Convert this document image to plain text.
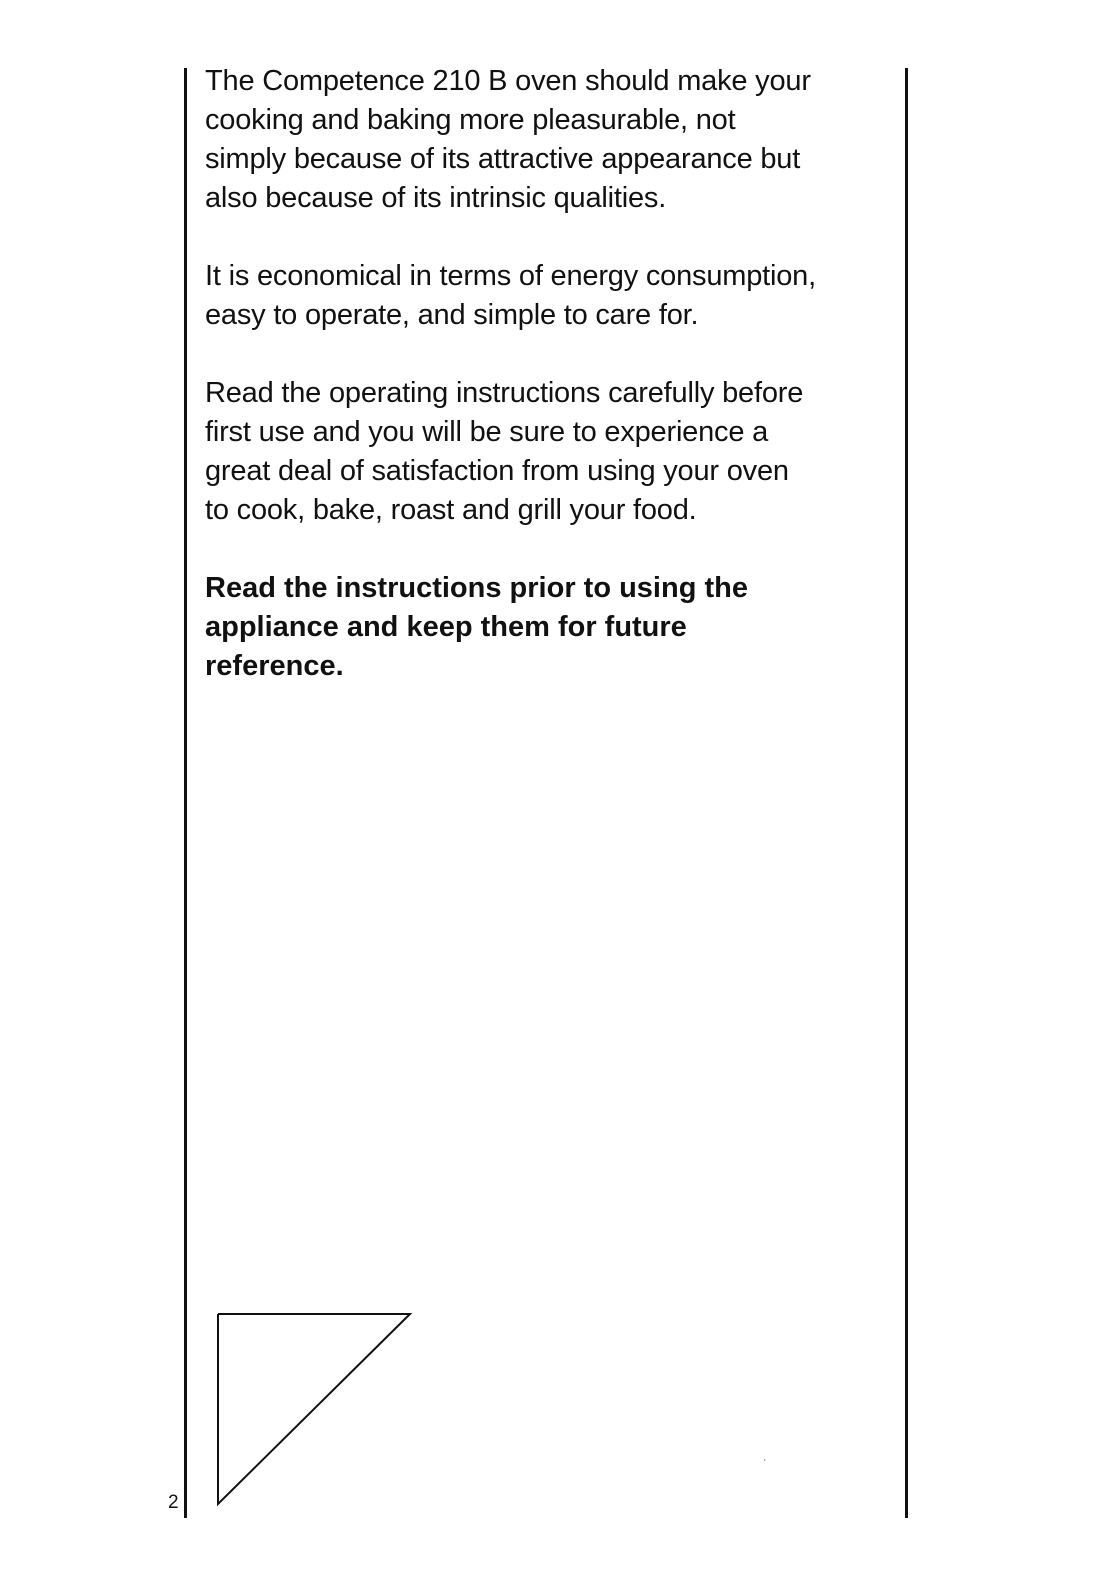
The Competence 210 B oven should make your
cooking and baking more pleasurable, not
simply because of its attractive appearance but
also because of its intrinsic qualities.

It is economical in terms of energy consumption,
easy to operate, and simple to care for.

Read the operating instructions carefully before
first use and you will be sure to experience a
great deal of satisfaction from using your oven
to cook, bake, roast and grill your food.

Read the instructions prior to using the
appliance and keep them for future
reference.

ʿ
2
